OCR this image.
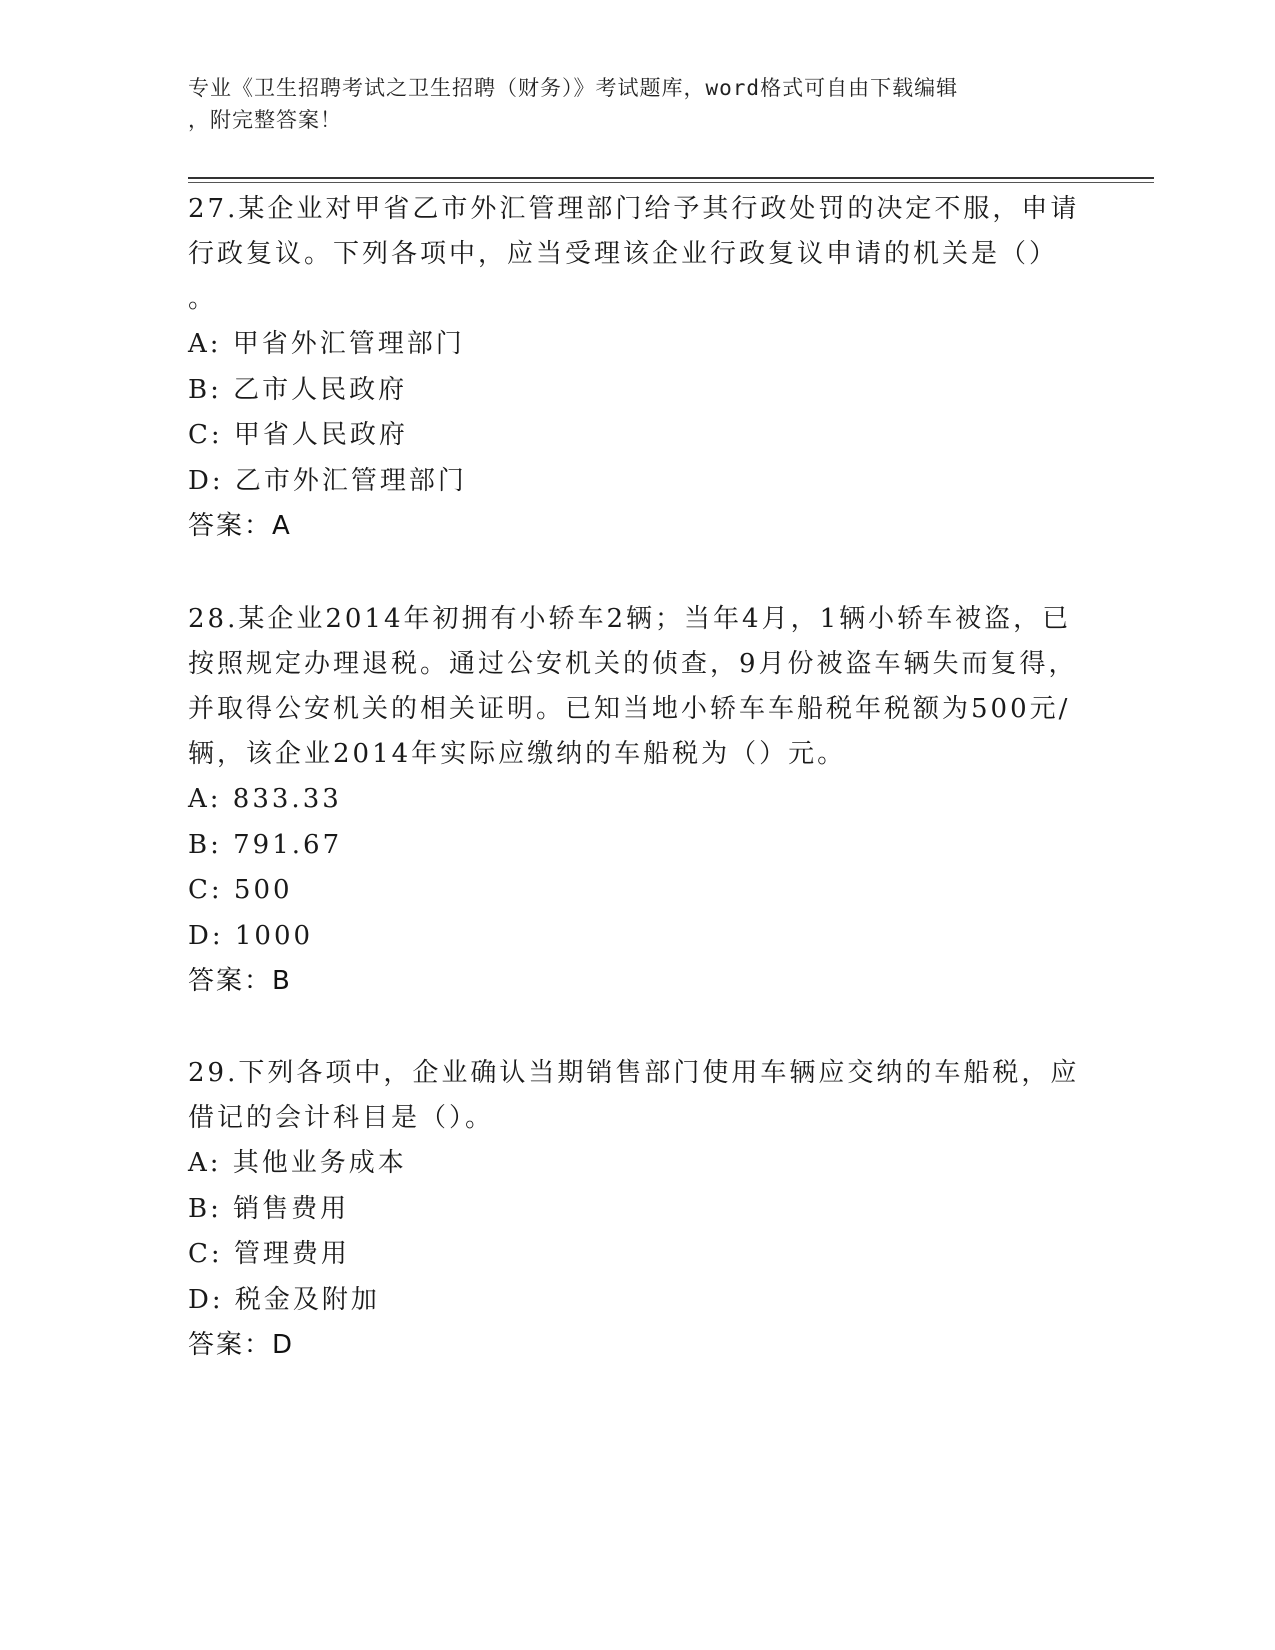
专业《卫生招聘考试之卫生招聘（财务）》考试题库，word格式可自由下载编辑
，附完整答案！
27.某企业对甲省乙市外汇管理部门给予其行政处罚的决定不服，申请
行政复议。下列各项中，应当受理该企业行政复议申请的机关是（）
。
A: 甲省外汇管理部门
B: 乙市人民政府
C: 甲省人民政府
D: 乙市外汇管理部门
答案：A
28.某企业2014年初拥有小轿车2辆；当年4月，1辆小轿车被盗，已
按照规定办理退税。通过公安机关的侦查，9月份被盗车辆失而复得，
并取得公安机关的相关证明。已知当地小轿车车船税年税额为500元/
辆，该企业2014年实际应缴纳的车船税为（）元。
A: 833.33
B: 791.67
C: 500
D: 1000
答案：B
29.下列各项中，企业确认当期销售部门使用车辆应交纳的车船税，应
借记的会计科目是（）。
A: 其他业务成本
B: 销售费用
C: 管理费用
D: 税金及附加
答案：D
